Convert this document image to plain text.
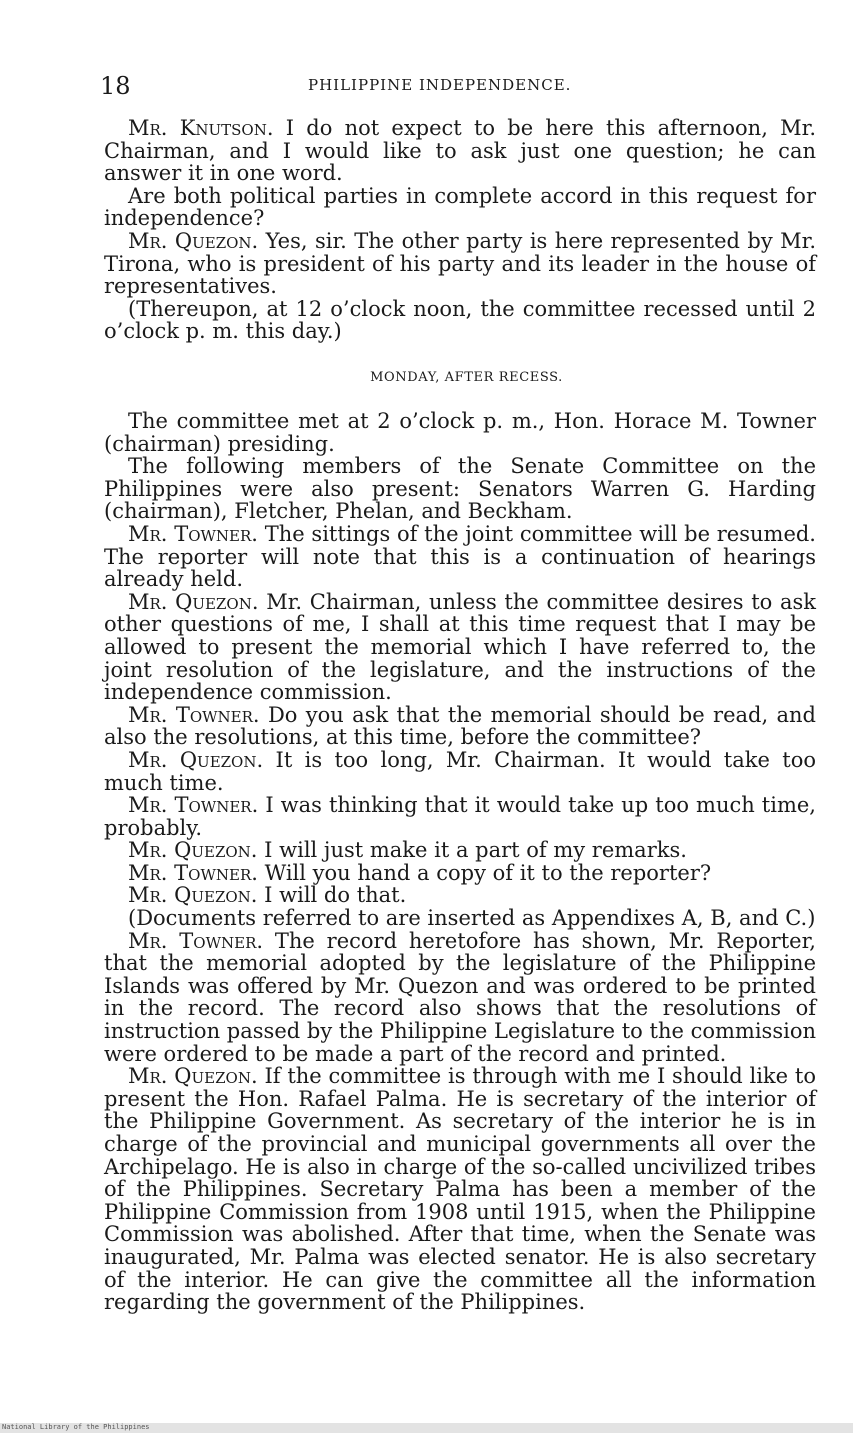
18	PHILIPPINE INDEPENDENCE.

Mr. Knutson. I do not expect to be here this afternoon, Mr. Chairman, and I would like to ask just one question; he can answer it in one word.

Are both political parties in complete accord in this request for independence?

Mr. Quezon. Yes, sir. The other party is here represented by Mr. Tirona, who is president of his party and its leader in the house of representatives.

(Thereupon, at 12 o’clock noon, the committee recessed until 2 o’clock p. m. this day.)

MONDAY, AFTER RECESS.

The committee met at 2 o’clock p. m., Hon. Horace M. Towner (chairman) presiding.

The following members of the Senate Committee on the Philippines were also present: Senators Warren G. Harding (chairman), Fletcher, Phelan, and Beckham.

Mr. Towner. The sittings of the joint committee will be resumed. The reporter will note that this is a continuation of hearings already held.

Mr. Quezon. Mr. Chairman, unless the committee desires to ask other questions of me, I shall at this time request that I may be allowed to present the memorial which I have referred to, the joint resolution of the legislature, and the instructions of the independence commission.

Mr. Towner. Do you ask that the memorial should be read, and also the resolutions, at this time, before the committee?

Mr. Quezon. It is too long, Mr. Chairman. It would take too much time.

Mr. Towner. I was thinking that it would take up too much time, probably.

Mr. Quezon. I will just make it a part of my remarks.

Mr. Towner. Will you hand a copy of it to the reporter?

Mr. Quezon. I will do that.

(Documents referred to are inserted as Appendixes A, B, and C.)

Mr. Towner. The record heretofore has shown, Mr. Reporter, that the memorial adopted by the legislature of the Philippine Islands was offered by Mr. Quezon and was ordered to be printed in the record. The record also shows that the resolutions of instruction passed by the Philippine Legislature to the commission were ordered to be made a part of the record and printed.

Mr. Quezon. If the committee is through with me I should like to present the Hon. Rafael Palma. He is secretary of the interior of the Philippine Government. As secretary of the interior he is in charge of the provincial and municipal governments all over the Archipelago. He is also in charge of the so-called uncivilized tribes of the Philippines. Secretary Palma has been a member of the Philippine Commission from 1908 until 1915, when the Philippine Commission was abolished. After that time, when the Senate was inaugurated, Mr. Palma was elected senator. He is also secretary of the interior. He can give the committee all the information regarding the government of the Philippines.

National Library of the Philippines
